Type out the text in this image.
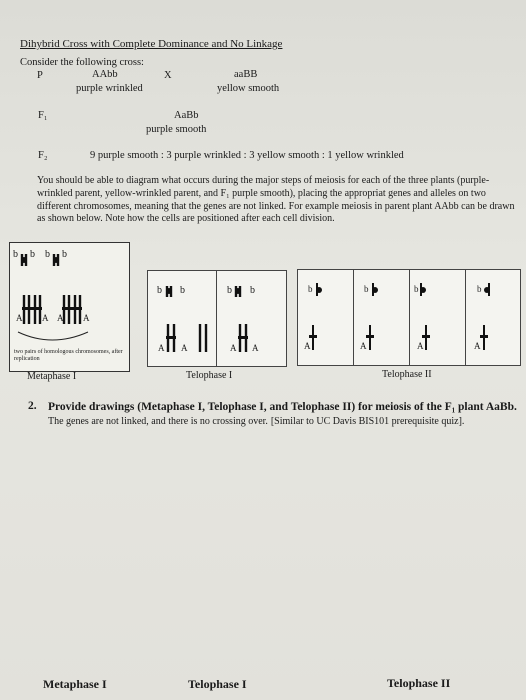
Dihybrid Cross with Complete Dominance and No Linkage
Consider the following cross:
P	AAbb	X	aaBB
purple wrinkled	yellow smooth
F₁	AaBb
purple smooth
F₂	9 purple smooth : 3 purple wrinkled : 3 yellow smooth : 1 yellow wrinkled
You should be able to diagram what occurs during the major steps of meiosis for each of the three plants (purple-wrinkled parent, yellow-wrinkled parent, and F₁ purple smooth), placing the appropriat genes and alleles on two different chromosomes, meaning that the genes are not linked. For example meiosis in parent plant AAbb can be drawn as shown below. Note how the cells are positioned after each cell division.
b b b b
A A A A
two pairs of homologous chromosomes, after replication
b b	b b
A A	A A
b	b	b	b
A	A	A	A
Metaphase I	Telophase I	Telophase II
2. Provide drawings (Metaphase I, Telophase I, and Telophase II) for meiosis of the F₁ plant AaBb. The genes are not linked, and there is no crossing over. [Similar to UC Davis BIS101 prerequisite quiz].
Metaphase I	Telophase I	Telophase II
